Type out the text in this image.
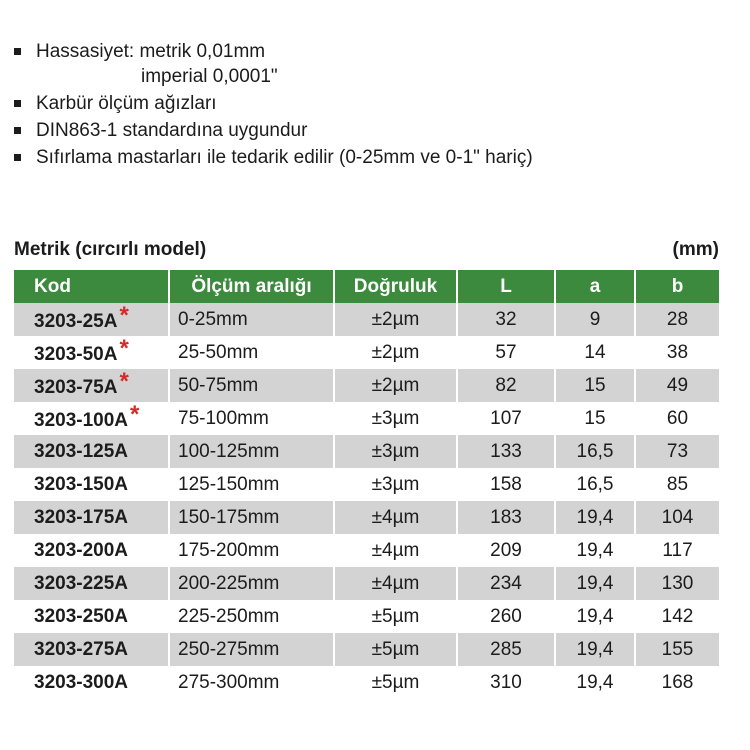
Hassasiyet: metrik 0,01mm
imperial 0,0001"
Karbür ölçüm ağızları
DIN863-1 standardına uygundur
Sıfırlama mastarları ile tedarik edilir (0-25mm ve 0-1" hariç)
Metrik (cırcırlı model)	(mm)
Kod	Ölçüm aralığı	Doğruluk	L	a	b
3203-25A*	0-25mm	±2µm	32	9	28
3203-50A*	25-50mm	±2µm	57	14	38
3203-75A*	50-75mm	±2µm	82	15	49
3203-100A*	75-100mm	±3µm	107	15	60
3203-125A	100-125mm	±3µm	133	16,5	73
3203-150A	125-150mm	±3µm	158	16,5	85
3203-175A	150-175mm	±4µm	183	19,4	104
3203-200A	175-200mm	±4µm	209	19,4	117
3203-225A	200-225mm	±4µm	234	19,4	130
3203-250A	225-250mm	±5µm	260	19,4	142
3203-275A	250-275mm	±5µm	285	19,4	155
3203-300A	275-300mm	±5µm	310	19,4	168
